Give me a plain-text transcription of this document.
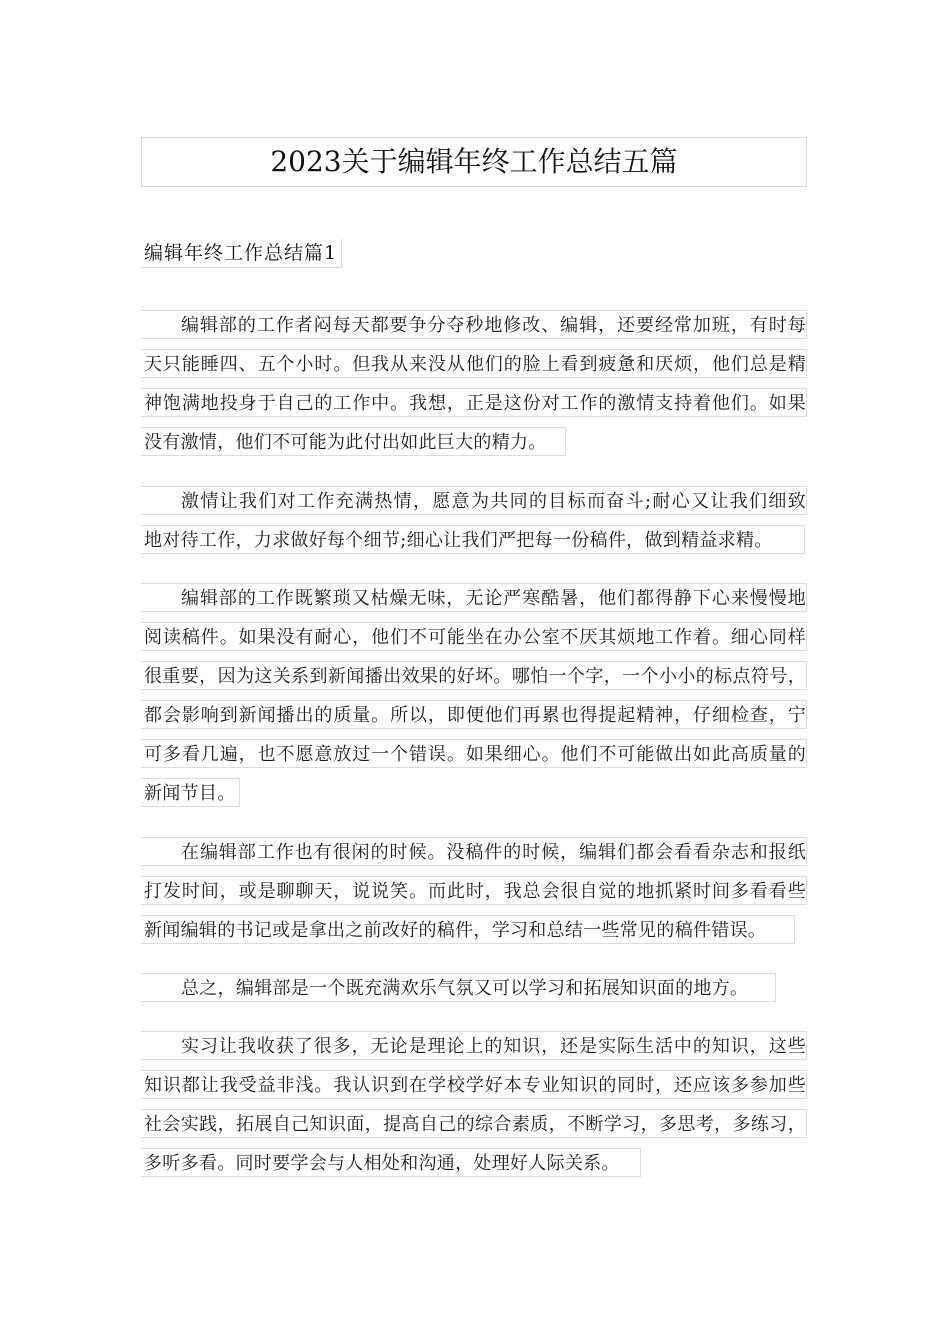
2023关于编辑年终工作总结五篇
编辑年终工作总结篇1
编辑部的工作者闷每天都要争分夺秒地修改、编辑，还要经常加班，有时每
天只能睡四、五个小时。但我从来没从他们的脸上看到疲惫和厌烦，他们总是精
神饱满地投身于自己的工作中。我想，正是这份对工作的激情支持着他们。如果
没有激情，他们不可能为此付出如此巨大的精力。
激情让我们对工作充满热情，愿意为共同的目标而奋斗;耐心又让我们细致
地对待工作，力求做好每个细节;细心让我们严把每一份稿件，做到精益求精。
编辑部的工作既繁琐又枯燥无味，无论严寒酷暑，他们都得静下心来慢慢地
阅读稿件。如果没有耐心，他们不可能坐在办公室不厌其烦地工作着。细心同样
很重要，因为这关系到新闻播出效果的好坏。哪怕一个字，一个小小的标点符号，
都会影响到新闻播出的质量。所以，即便他们再累也得提起精神，仔细检查，宁
可多看几遍，也不愿意放过一个错误。如果细心。他们不可能做出如此高质量的
新闻节目。
在编辑部工作也有很闲的时候。没稿件的时候，编辑们都会看看杂志和报纸
打发时间，或是聊聊天，说说笑。而此时，我总会很自觉的地抓紧时间多看看些
新闻编辑的书记或是拿出之前改好的稿件，学习和总结一些常见的稿件错误。
总之，编辑部是一个既充满欢乐气氛又可以学习和拓展知识面的地方。
实习让我收获了很多，无论是理论上的知识，还是实际生活中的知识，这些
知识都让我受益非浅。我认识到在学校学好本专业知识的同时，还应该多参加些
社会实践，拓展自己知识面，提高自己的综合素质，不断学习，多思考，多练习，
多听多看。同时要学会与人相处和沟通，处理好人际关系。
